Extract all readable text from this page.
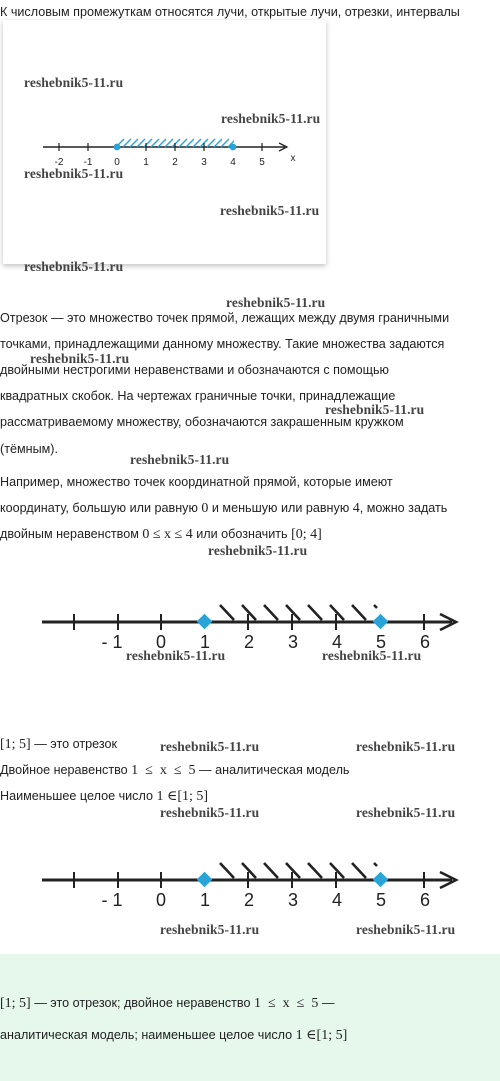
К числовым промежуткам относятся лучи, открытые лучи, отрезки, интервалы
-2 -1 0 1 2 3 4 5	x
reshebnik5-11.ru
reshebnik5-11.ru
reshebnik5-11.ru
reshebnik5-11.ru
reshebnik5-11.ru
reshebnik5-11.ru
reshebnik5-11.ru
reshebnik5-11.ru
reshebnik5-11.ru
reshebnik5-11.ru
reshebnik5-11.ru	reshebnik5-11.ru
reshebnik5-11.ru	reshebnik5-11.ru
reshebnik5-11.ru	reshebnik5-11.ru
reshebnik5-11.ru	reshebnik5-11.ru
Отрезок — это множество точек прямой, лежащих между двумя граничными
точками, принадлежащими данному множеству. Такие множества задаются
двойными нестрогими неравенствами и обозначаются с помощью
квадратных скобок. На чертежах граничные точки, принадлежащие
рассматриваемому множеству, обозначаются закрашенным кружком
(тёмным).
Например, множество точек координатной прямой, которые имеют
координату, большую или равную 0 и меньшую или равную 4, можно задать
двойным неравенством 0 ≤ x ≤ 4 или обозначить [0; 4]
- 1 0 1 2 3 4 5 6
[1; 5] — это отрезок
Двойное неравенство 1  ≤  x  ≤  5 — аналитическая модель
Наименьшее целое число 1 ∈[1; 5]
- 1 0 1 2 3 4 5 6
[1; 5] — это отрезок; двойное неравенство 1  ≤  x  ≤  5 —
аналитическая модель; наименьшее целое число 1 ∈[1; 5]
